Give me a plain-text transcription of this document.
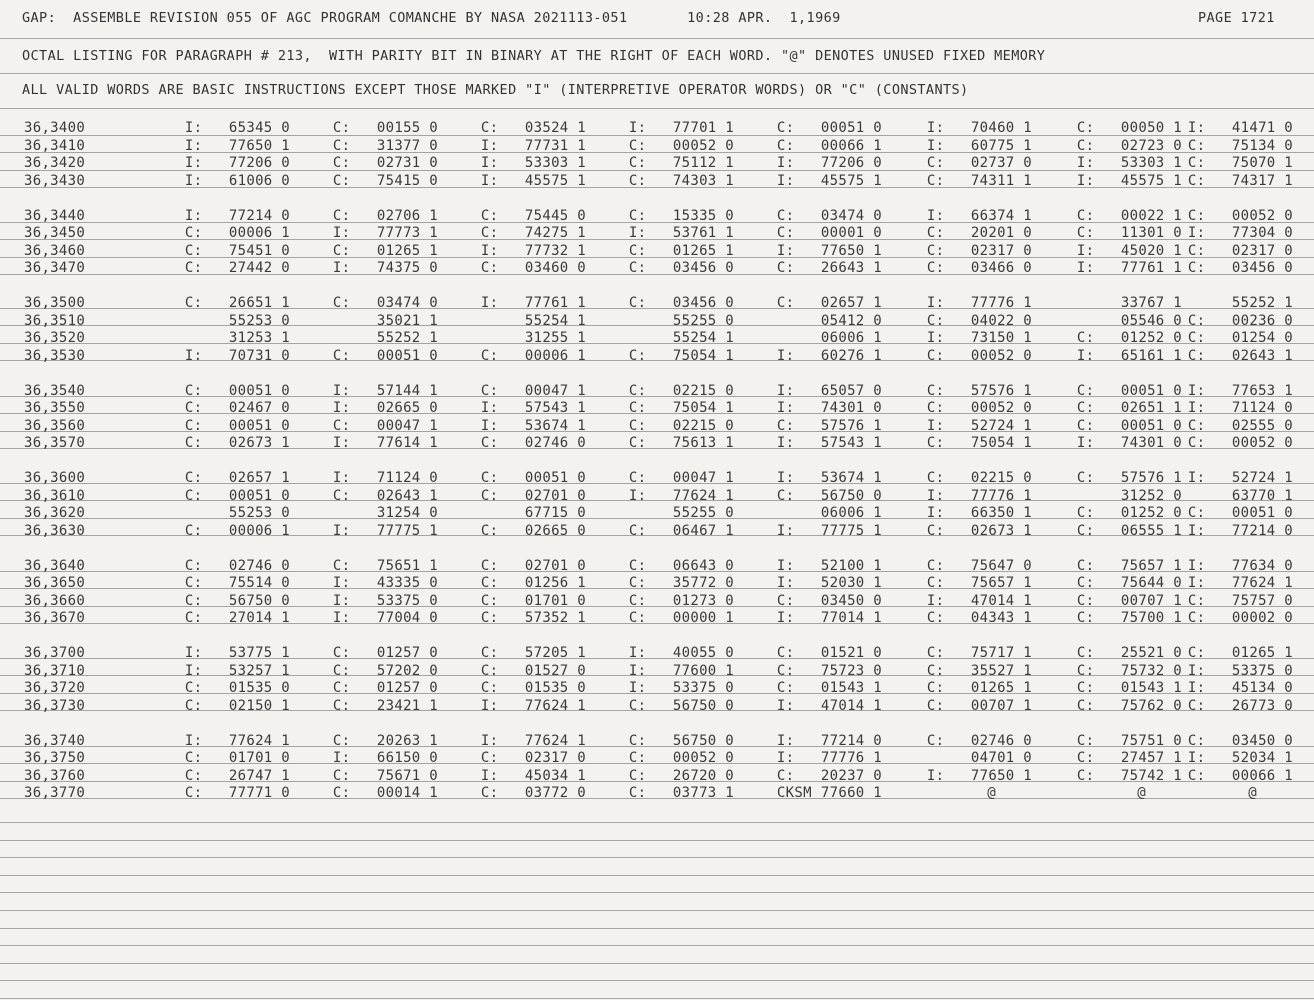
GAP:  ASSEMBLE REVISION 055 OF AGC PROGRAM COMANCHE BY NASA 2021113-051       10:28 APR.  1,1969	PAGE 1721
OCTAL LISTING FOR PARAGRAPH # 213,  WITH PARITY BIT IN BINARY AT THE RIGHT OF EACH WORD. "@" DENOTES UNUSED FIXED MEMORY
ALL VALID WORDS ARE BASIC INSTRUCTIONS EXCEPT THOSE MARKED "I" (INTERPRETIVE OPERATOR WORDS) OR "C" (CONSTANTS)
36,3400	I: 65345 0	C: 00155 0	C: 03524 1	I: 77701 1	C: 00051 0	I: 70460 1	C: 00050 1 I: 41471 0
36,3410	I: 77650 1	C: 31377 0	I: 77731 1	C: 00052 0	C: 00066 1	I: 60775 1	C: 02723 0 C: 75134 0
36,3420	I: 77206 0	C: 02731 0	I: 53303 1	C: 75112 1	I: 77206 0	C: 02737 0	I: 53303 1 C: 75070 1
36,3430	I: 61006 0	C: 75415 0	I: 45575 1	C: 74303 1	I: 45575 1	C: 74311 1	I: 45575 1 C: 74317 1
36,3440	I: 77214 0	C: 02706 1	C: 75445 0	C: 15335 0	C: 03474 0	I: 66374 1	C: 00022 1 C: 00052 0
36,3450	C: 00006 1	I: 77773 1	C: 74275 1	I: 53761 1	C: 00001 0	C: 20201 0	C: 11301 0 I: 77304 0
36,3460	C: 75451 0	C: 01265 1	I: 77732 1	C: 01265 1	I: 77650 1	C: 02317 0	I: 45020 1 C: 02317 0
36,3470	C: 27442 0	I: 74375 0	C: 03460 0	C: 03456 0	C: 26643 1	C: 03466 0	I: 77761 1 C: 03456 0
36,3500	C: 26651 1	C: 03474 0	I: 77761 1	C: 03456 0	C: 02657 1	I: 77776 1	33767 1	55252 1
36,3510	55253 0	35021 1	55254 1	55255 0	05412 0	C: 04022 0	05546 0 C: 00236 0
36,3520	31253 1	55252 1	31255 1	55254 1	06006 1	I: 73150 1	C: 01252 0 C: 01254 0
36,3530	I: 70731 0	C: 00051 0	C: 00006 1	C: 75054 1	I: 60276 1	C: 00052 0	I: 65161 1 C: 02643 1
36,3540	C: 00051 0	I: 57144 1	C: 00047 1	C: 02215 0	I: 65057 0	C: 57576 1	C: 00051 0 I: 77653 1
36,3550	C: 02467 0	I: 02665 0	I: 57543 1	C: 75054 1	I: 74301 0	C: 00052 0	C: 02651 1 I: 71124 0
36,3560	C: 00051 0	C: 00047 1	I: 53674 1	C: 02215 0	C: 57576 1	I: 52724 1	C: 00051 0 C: 02555 0
36,3570	C: 02673 1	I: 77614 1	C: 02746 0	C: 75613 1	I: 57543 1	C: 75054 1	I: 74301 0 C: 00052 0
36,3600	C: 02657 1	I: 71124 0	C: 00051 0	C: 00047 1	I: 53674 1	C: 02215 0	C: 57576 1 I: 52724 1
36,3610	C: 00051 0	C: 02643 1	C: 02701 0	I: 77624 1	C: 56750 0	I: 77776 1	31252 0	63770 1
36,3620	55253 0	31254 0	67715 0	55255 0	06006 1	I: 66350 1	C: 01252 0 C: 00051 0
36,3630	C: 00006 1	I: 77775 1	C: 02665 0	C: 06467 1	I: 77775 1	C: 02673 1	C: 06555 1 I: 77214 0
36,3640	C: 02746 0	C: 75651 1	C: 02701 0	C: 06643 0	I: 52100 1	C: 75647 0	C: 75657 1 I: 77634 0
36,3650	C: 75514 0	I: 43335 0	C: 01256 1	C: 35772 0	I: 52030 1	C: 75657 1	C: 75644 0 I: 77624 1
36,3660	C: 56750 0	I: 53375 0	C: 01701 0	C: 01273 0	C: 03450 0	I: 47014 1	C: 00707 1 C: 75757 0
36,3670	C: 27014 1	I: 77004 0	C: 57352 1	C: 00000 1	I: 77014 1	C: 04343 1	C: 75700 1 C: 00002 0
36,3700	I: 53775 1	C: 01257 0	C: 57205 1	I: 40055 0	C: 01521 0	C: 75717 1	C: 25521 0 C: 01265 1
36,3710	I: 53257 1	C: 57202 0	C: 01527 0	I: 77600 1	C: 75723 0	C: 35527 1	C: 75732 0 I: 53375 0
36,3720	C: 01535 0	C: 01257 0	C: 01535 0	I: 53375 0	C: 01543 1	C: 01265 1	C: 01543 1 I: 45134 0
36,3730	C: 02150 1	C: 23421 1	I: 77624 1	C: 56750 0	I: 47014 1	C: 00707 1	C: 75762 0 C: 26773 0
36,3740	I: 77624 1	C: 20263 1	I: 77624 1	C: 56750 0	I: 77214 0	C: 02746 0	C: 75751 0 C: 03450 0
36,3750	C: 01701 0	I: 66150 0	C: 02317 0	C: 00052 0	I: 77776 1	04701 0	C: 27457 1 I: 52034 1
36,3760	C: 26747 1	C: 75671 0	I: 45034 1	C: 26720 0	C: 20237 0	I: 77650 1	C: 75742 1 C: 00066 1
36,3770	C: 77771 0	C: 00014 1	C: 03772 0	C: 03773 1	CKSM 77660 1	@	@	@
